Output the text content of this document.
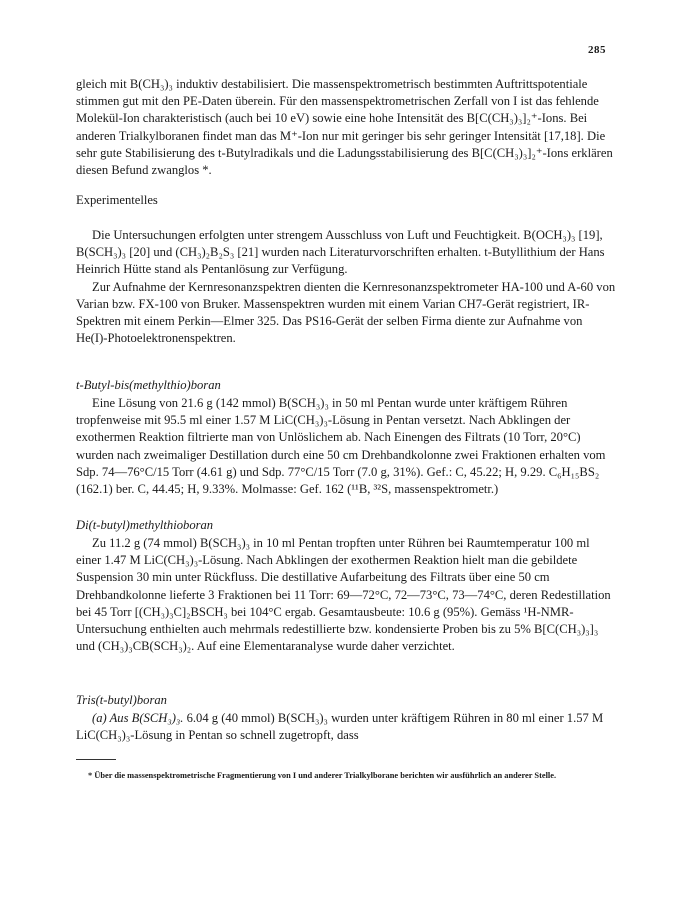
285

gleich mit B(CH₃)₃ induktiv destabilisiert. Die massenspektrometrisch bestimmten Auftrittspotentiale stimmen gut mit den PE-Daten überein. Für den massenspektrometrischen Zerfall von I ist das fehlende Molekül-Ion charakteristisch (auch bei 10 eV) sowie eine hohe Intensität des B[C(CH₃)₃]₂⁺-Ions. Bei anderen Trialkylboranen findet man das M⁺-Ion nur mit geringer bis sehr geringer Intensität [17,18]. Die sehr gute Stabilisierung des t-Butylradikals und die Ladungsstabilisierung des B[C(CH₃)₃]₂⁺-Ions erklären diesen Befund zwanglos *.

Experimentelles

Die Untersuchungen erfolgten unter strengem Ausschluss von Luft und Feuchtigkeit. B(OCH₃)₃ [19], B(SCH₃)₃ [20] und (CH₃)₂B₂S₃ [21] wurden nach Literaturvorschriften erhalten. t-Butyllithium der Hans Heinrich Hütte stand als Pentanlösung zur Verfügung.

Zur Aufnahme der Kernresonanzspektren dienten die Kernresonanzspektrometer HA-100 und A-60 von Varian bzw. FX-100 von Bruker. Massenspektren wurden mit einem Varian CH7-Gerät registriert, IR-Spektren mit einem Perkin—Elmer 325. Das PS16-Gerät der selben Firma diente zur Aufnahme von He(I)-Photoelektronenspektren.

t-Butyl-bis(methylthio)boran

Eine Lösung von 21.6 g (142 mmol) B(SCH₃)₃ in 50 ml Pentan wurde unter kräftigem Rühren tropfenweise mit 95.5 ml einer 1.57 M LiC(CH₃)₃-Lösung in Pentan versetzt. Nach Abklingen der exothermen Reaktion filtrierte man von Unlöslichem ab. Nach Einengen des Filtrats (10 Torr, 20°C) wurden nach zweimaliger Destillation durch eine 50 cm Drehbandkolonne zwei Fraktionen erhalten vom Sdp. 74—76°C/15 Torr (4.61 g) und Sdp. 77°C/15 Torr (7.0 g, 31%). Gef.: C, 45.22; H, 9.29. C₆H₁₅BS₂ (162.1) ber. C, 44.45; H, 9.33%. Molmasse: Gef. 162 (¹¹B, ³²S, massenspektrometr.)

Di(t-butyl)methylthioboran

Zu 11.2 g (74 mmol) B(SCH₃)₃ in 10 ml Pentan tropften unter Rühren bei Raumtemperatur 100 ml einer 1.47 M LiC(CH₃)₃-Lösung. Nach Abklingen der exothermen Reaktion hielt man die gebildete Suspension 30 min unter Rückfluss. Die destillative Aufarbeitung des Filtrats über eine 50 cm Drehbandkolonne lieferte 3 Fraktionen bei 11 Torr: 69—72°C, 72—73°C, 73—74°C, deren Redestillation bei 45 Torr [(CH₃)₃C]₂BSCH₃ bei 104°C ergab. Gesamtausbeute: 10.6 g (95%). Gemäss ¹H-NMR-Untersuchung enthielten auch mehrmals redestillierte bzw. kondensierte Proben bis zu 5% B[C(CH₃)₃]₃ und (CH₃)₃CB(SCH₃)₂. Auf eine Elementaranalyse wurde daher verzichtet.

Tris(t-butyl)boran

(a) Aus B(SCH₃)₃. 6.04 g (40 mmol) B(SCH₃)₃ wurden unter kräftigem Rühren in 80 ml einer 1.57 M LiC(CH₃)₃-Lösung in Pentan so schnell zugetropft, dass

* Über die massenspektrometrische Fragmentierung von I und anderer Trialkylborane berichten wir ausführlich an anderer Stelle.
